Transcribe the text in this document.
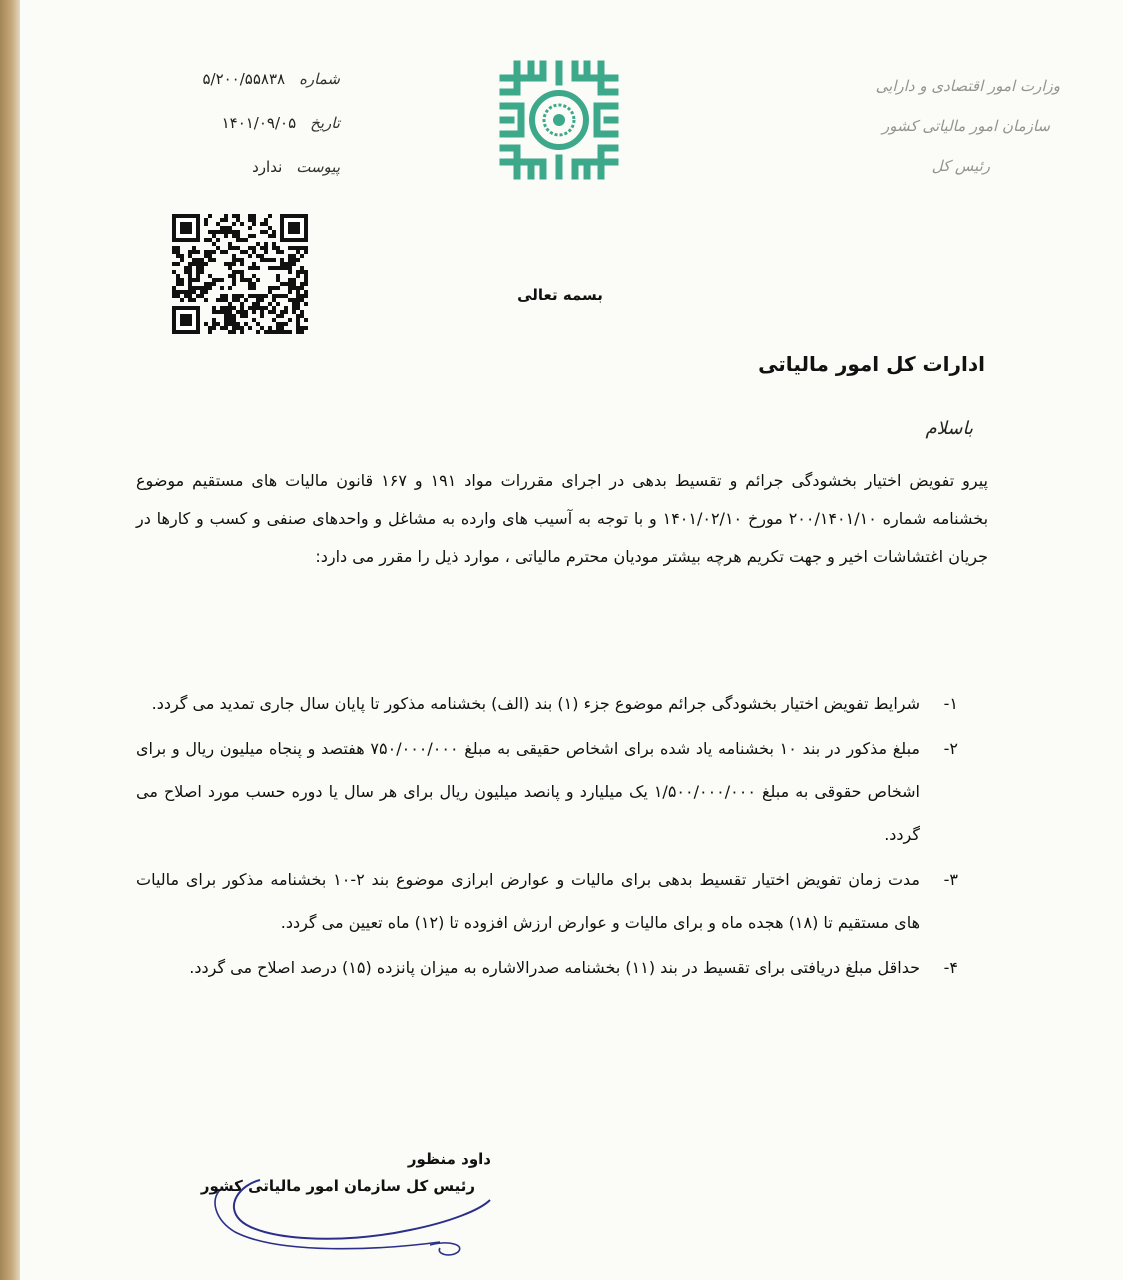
شماره
۵/۲۰۰/۵۵۸۳۸
تاریخ
۱۴۰۱/۰۹/۰۵
پیوست
ندارد
وزارت امور اقتصادی و دارایی
سازمان امور مالیاتی کشور
رئیس کل
بسمه تعالی
ادارات کل امور مالیاتی
باسلام
پیرو تفویض اختیار بخشودگی جرائم و تقسیط بدهی در اجرای مقررات مواد ۱۹۱ و ۱۶۷ قانون مالیات های مستقیم موضوع بخشنامه شماره ۲۰۰/۱۴۰۱/۱۰ مورخ ۱۴۰۱/۰۲/۱۰ و با توجه به آسیب های وارده به مشاغل و واحدهای صنفی و کسب و کارها در جریان اغتشاشات اخیر و جهت تکریم هرچه بیشتر مودیان محترم مالیاتی ، موارد ذیل را مقرر می دارد:
۱-
شرایط تفویض اختیار بخشودگی جرائم موضوع جزء (۱) بند (الف) بخشنامه مذکور تا پایان سال جاری تمدید می گردد.
۲-
مبلغ مذکور در بند ۱۰ بخشنامه یاد شده برای اشخاص حقیقی به مبلغ ۷۵۰/۰۰۰/۰۰۰ هفتصد و پنجاه میلیون ریال و برای اشخاص حقوقی به مبلغ ۱/۵۰۰/۰۰۰/۰۰۰ یک میلیارد و پانصد میلیون ریال برای هر سال یا دوره حسب مورد اصلاح می گردد.
۳-
مدت زمان تفویض اختیار تقسیط بدهی برای مالیات و عوارض ابرازی موضوع بند ۲-۱۰ بخشنامه مذکور برای مالیات های مستقیم تا (۱۸) هجده ماه و برای مالیات و عوارض ارزش افزوده تا (۱۲) ماه تعیین می گردد.
۴-
حداقل مبلغ دریافتی برای تقسیط در بند (۱۱) بخشنامه صدرالاشاره به میزان پانزده (۱۵) درصد اصلاح می گردد.
داود منظور
رئیس کل سازمان امور مالیاتی کشور
